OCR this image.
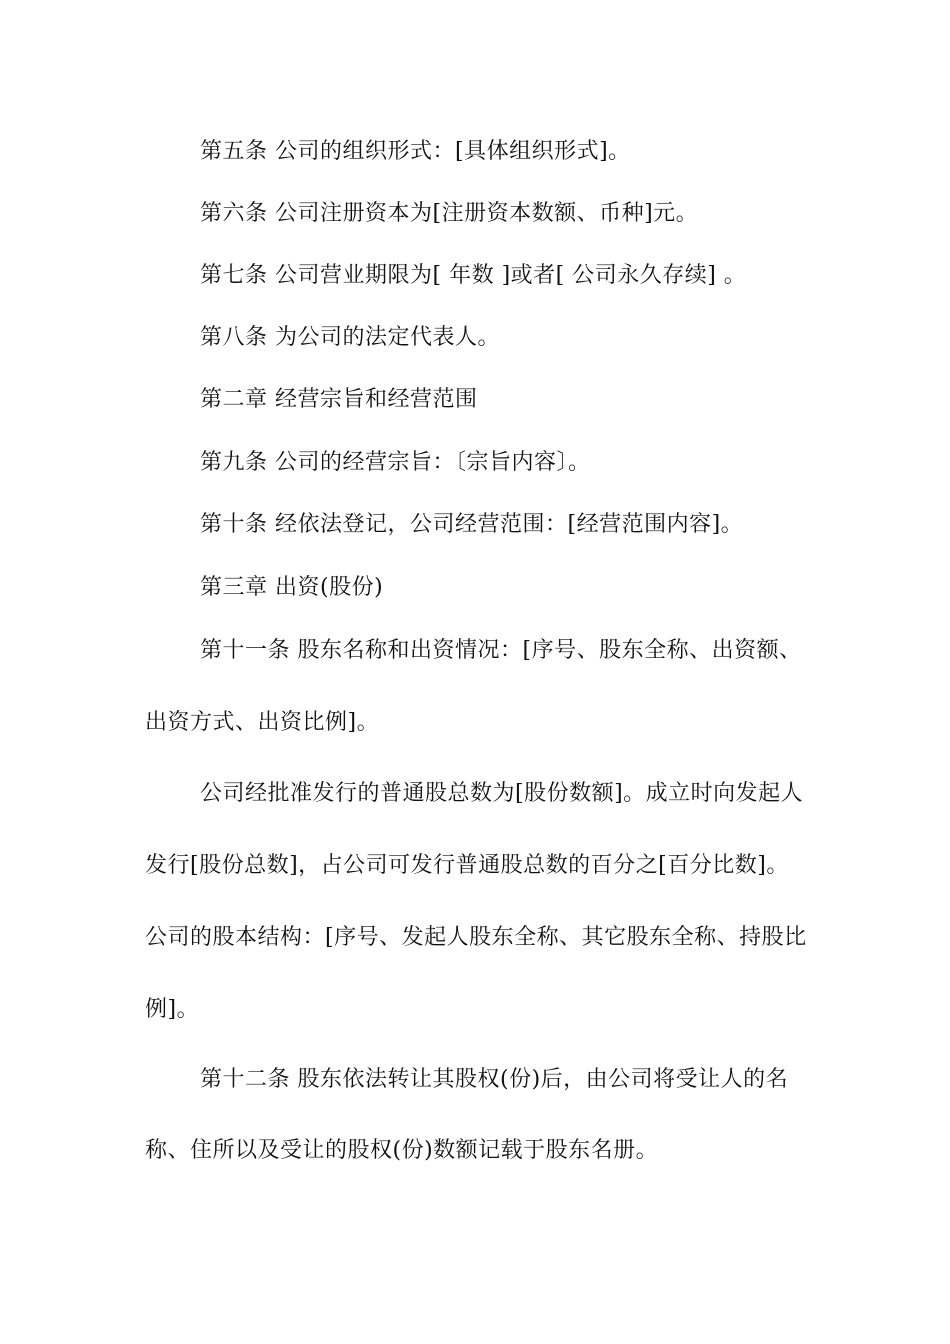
第五条 公司的组织形式：[具体组织形式]。
第六条 公司注册资本为[注册资本数额、币种]元。
第七条 公司营业期限为[ 年数 ]或者[ 公司永久存续] 。
第八条 为公司的法定代表人。
第二章 经营宗旨和经营范围
第九条 公司的经营宗旨：〔宗旨内容〕。
第十条 经依法登记，公司经营范围：[经营范围内容]。
第三章 出资(股份)
第十一条 股东名称和出资情况：[序号、股东全称、出资额、
出资方式、出资比例]。
公司经批准发行的普通股总数为[股份数额]。成立时向发起人
发行[股份总数]，占公司可发行普通股总数的百分之[百分比数]。
公司的股本结构：[序号、发起人股东全称、其它股东全称、持股比
例]。
第十二条 股东依法转让其股权(份)后，由公司将受让人的名
称、住所以及受让的股权(份)数额记载于股东名册。
